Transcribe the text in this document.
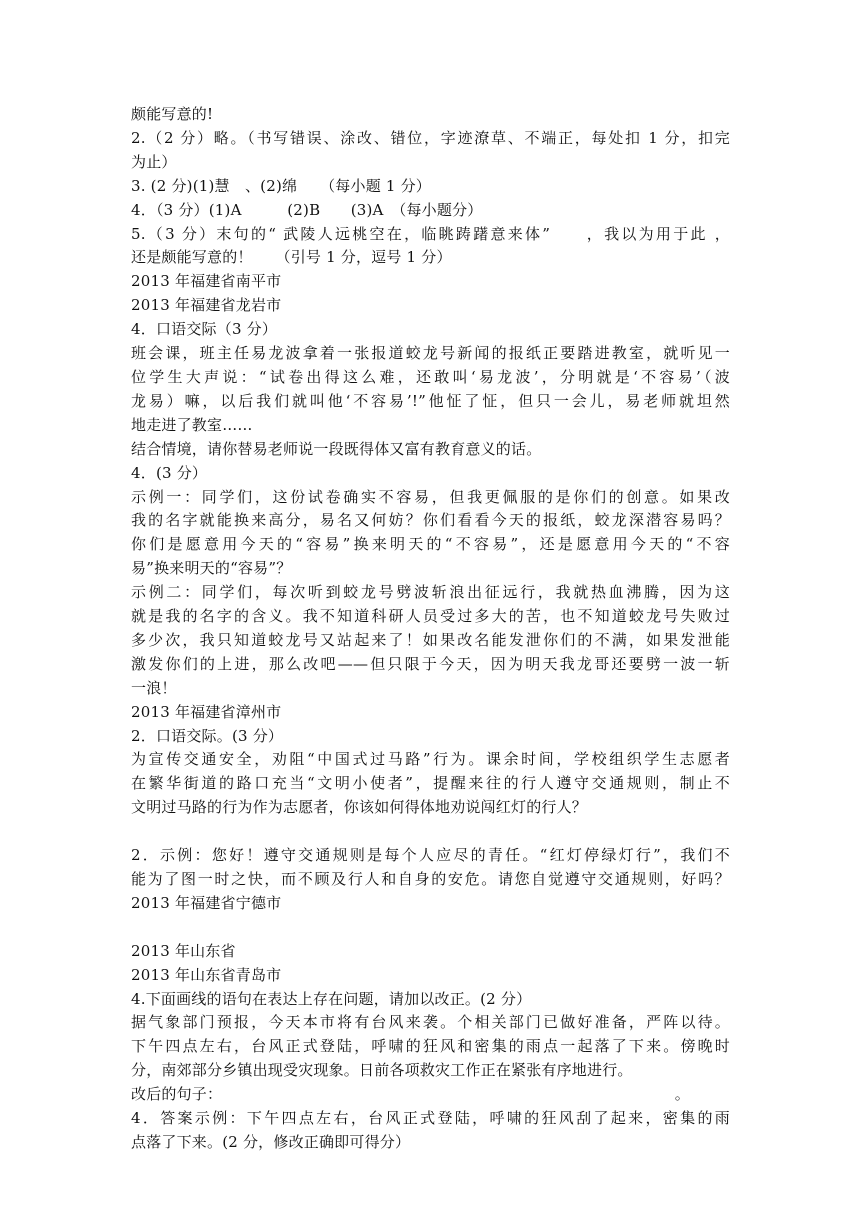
颇能写意的!
2.（2 分）略。（书写错误、涂改、错位，字迹潦草、不端正，每处扣 1 分，扣完
为止）
3. (2 分)(1)慧　、(2)绵　　（每小题 1 分）
4．（3 分）(1)A　　　(2)B　　(3)A　（每小题分）
5.（3 分）末句的“ 武陵人远桃空在，临眺踌躇意来体”　　，我以为用于此 ，
还是颇能写意的！　　（引号 1 分，逗号 1 分）
2013 年福建省南平市
2013 年福建省龙岩市
4．口语交际（3 分）
班会课，班主任易龙波拿着一张报道蛟龙号新闻的报纸正要踏进教室，就听见一
位学生大声说：“试卷出得这么难，还敢叫‘易龙波’，分明就是‘不容易’（波
龙易）嘛，以后我们就叫他‘不容易’!”他怔了怔，但只一会儿，易老师就坦然
地走进了教室……
结合情境，请你替易老师说一段既得体又富有教育意义的话。
4．(3 分）
示例一：同学们，这份试卷确实不容易，但我更佩服的是你们的创意。如果改
我的名字就能换来高分，易名又何妨？你们看看今天的报纸，蛟龙深潜容易吗？
你们是愿意用今天的“容易”换来明天的“不容易”，还是愿意用今天的“不容
易”换来明天的“容易”？
示例二：同学们，每次听到蛟龙号劈波斩浪出征远行，我就热血沸腾，因为这
就是我的名字的含义。我不知道科研人员受过多大的苦，也不知道蛟龙号失败过
多少次，我只知道蛟龙号又站起来了！如果改名能发泄你们的不满，如果发泄能
激发你们的上进，那么改吧——但只限于今天，因为明天我龙哥还要劈一波一斩
一浪！
2013 年福建省漳州市
2．口语交际。(3 分）
为宣传交通安全，劝阻“中国式过马路”行为。课余时间，学校组织学生志愿者
在繁华街道的路口充当“文明小使者”，提醒来往的行人遵守交通规则，制止不
文明过马路的行为作为志愿者，你该如何得体地劝说闯红灯的行人？
2．示例：您好！遵守交通规则是每个人应尽的青任。“红灯停绿灯行”，我们不
能为了图一时之快，而不顾及行人和自身的安危。请您自觉遵守交通规则，好吗？
2013 年福建省宁德市
2013 年山东省
2013 年山东省青岛市
4.下面画线的语句在表达上存在问题，请加以改正。(2 分）
据气象部门预报，今天本市将有台风来袭。个相关部门已做好准备，严阵以待。
下午四点左右，台风正式登陆，呼啸的狂风和密集的雨点一起落了下来。傍晚时
分，南郊部分乡镇出现受灾现象。日前各项救灾工作正在紧张有序地进行。
改后的句子：	。
4．答案示例：下午四点左右，台风正式登陆，呼啸的狂风刮了起来，密集的雨
点落了下来。(2 分，修改正确即可得分）
